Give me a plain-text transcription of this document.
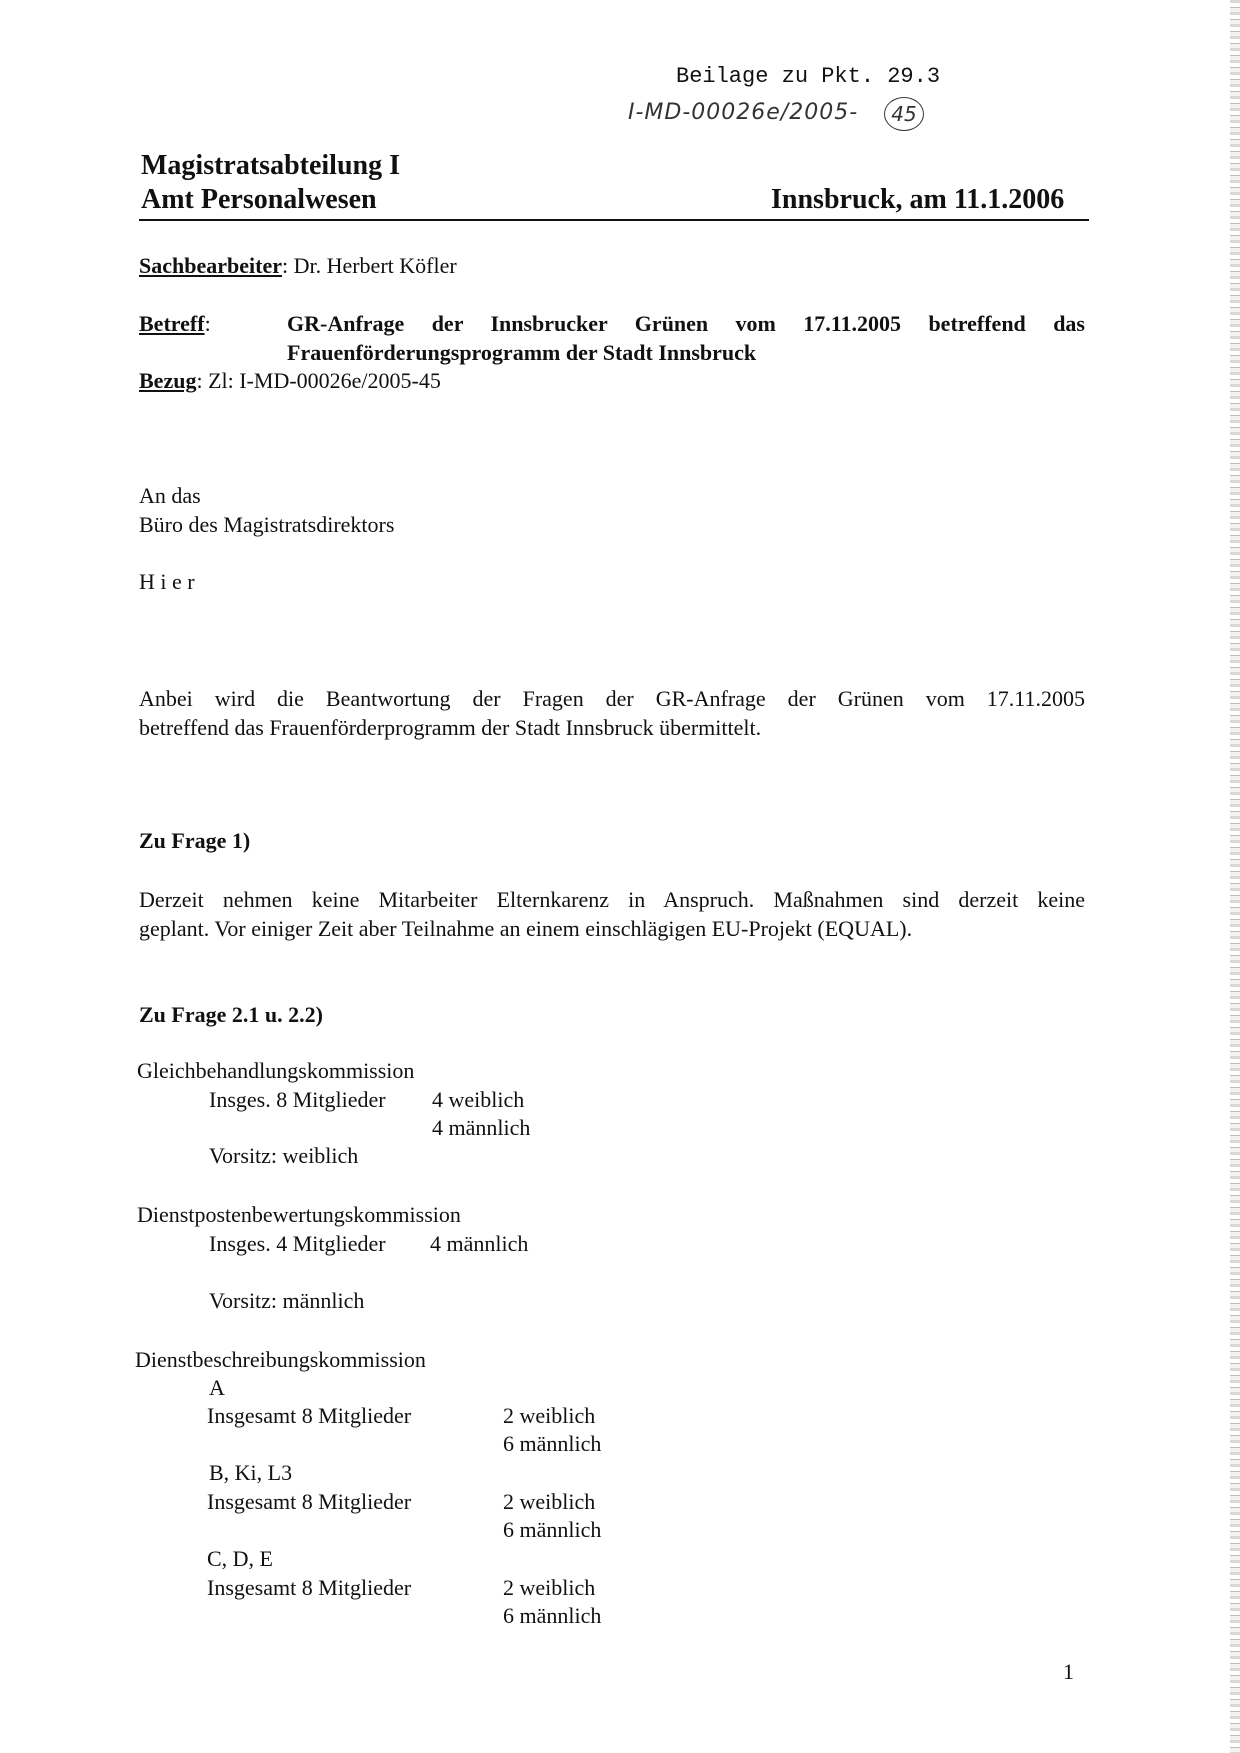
Beilage zu Pkt. 29.3
I-MD-00026e/2005-	45
Magistratsabteilung I
Amt Personalwesen	Innsbruck, am 11.1.2006
Sachbearbeiter: Dr. Herbert Köfler
Betreff:	GR-Anfrage der Innsbrucker Grünen vom 17.11.2005 betreffend das
Frauenförderungsprogramm der Stadt Innsbruck
Bezug: Zl: I-MD-00026e/2005-45
An das
Büro des Magistratsdirektors
H i e r
Anbei wird die Beantwortung der Fragen der GR-Anfrage der Grünen vom 17.11.2005
betreffend das Frauenförderprogramm der Stadt Innsbruck übermittelt.
Zu Frage 1)
Derzeit nehmen keine Mitarbeiter Elternkarenz in Anspruch. Maßnahmen sind derzeit keine
geplant. Vor einiger Zeit aber Teilnahme an einem einschlägigen EU-Projekt (EQUAL).
Zu Frage 2.1 u. 2.2)
Gleichbehandlungskommission
Insges. 8 Mitglieder 4 weiblich
4 männlich
Vorsitz: weiblich
Dienstpostenbewertungskommission
Insges. 4 Mitglieder 4 männlich
Vorsitz: männlich
Dienstbeschreibungskommission
A
Insgesamt 8 Mitglieder	2 weiblich
6 männlich
B, Ki, L3
Insgesamt 8 Mitglieder	2 weiblich
6 männlich
C, D, E
Insgesamt 8 Mitglieder	2 weiblich
6 männlich
1
